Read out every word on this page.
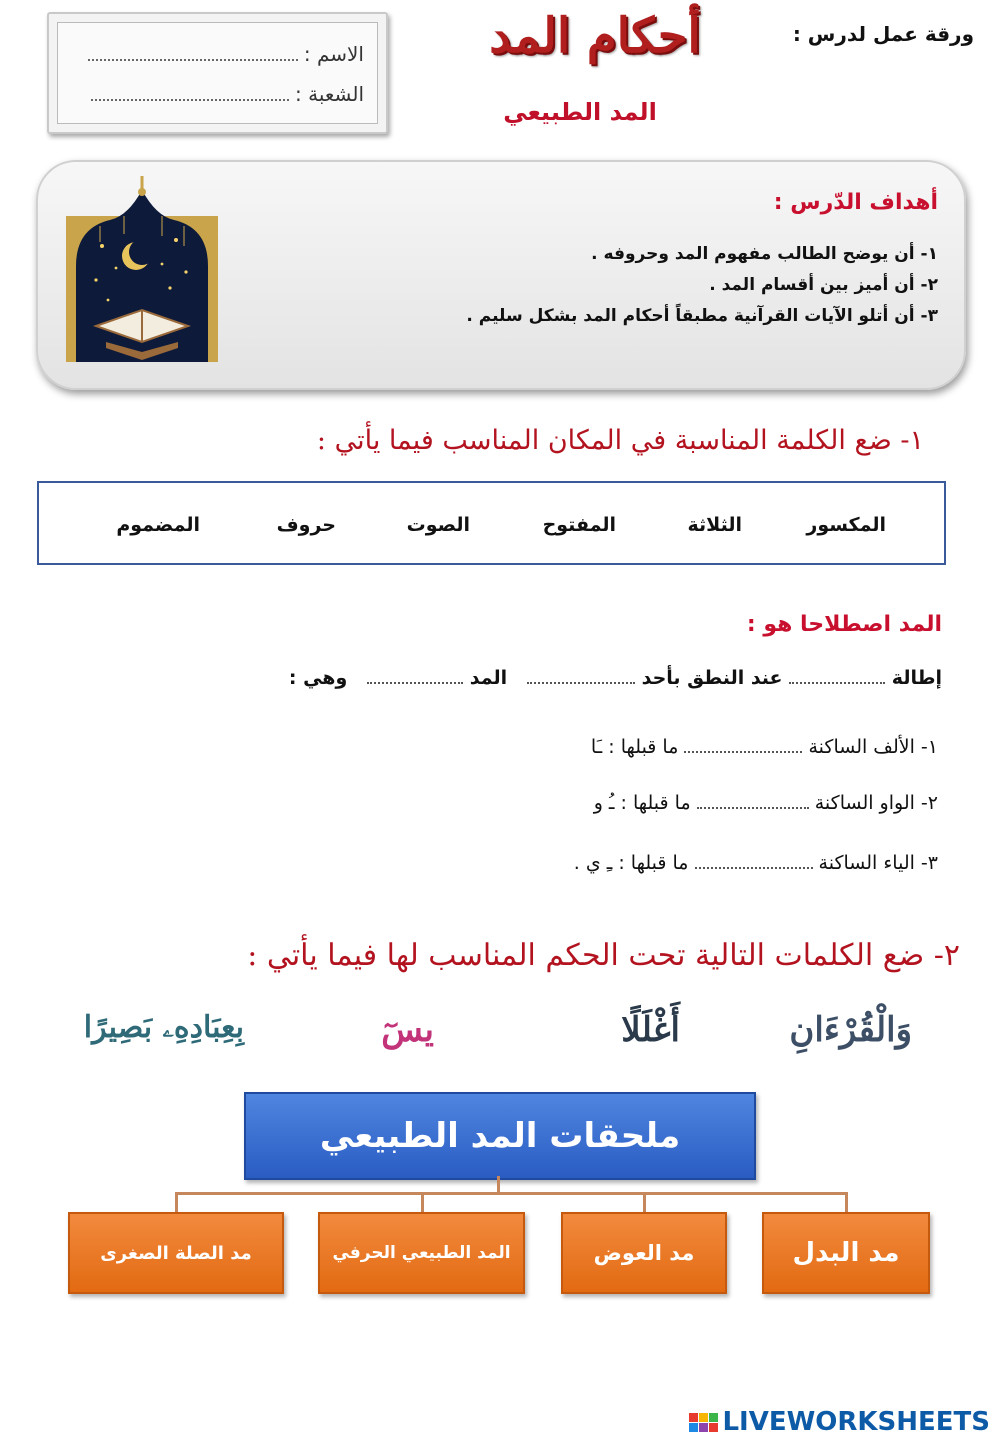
ورقة عمل لدرس :
أحكام المد
المد الطبيعي
الاسم :
الشعبة :
أهداف الدّرس :
١- أن يوضح الطالب مفهوم المد وحروفه .
٢- أن أميز بين أقسام المد .
٣- أن أتلو الآيات القرآنية مطبقاً أحكام المد بشكل سليم .
١- ضع الكلمة المناسبة في المكان المناسب فيما يأتي :
المكسور
الثلاثة
المفتوح
الصوت
حروف
المضموم
المد اصطلاحا هو :
إطالة  عند النطق بأحد    المد    وهي :
١- الألف الساكنة  ما قبلها : ـَا
٢- الواو الساكنة  ما قبلها : ـُ و
٣- الياء الساكنة  ما قبلها : ـِ ي .
٢- ضع الكلمات التالية تحت الحكم المناسب لها فيما يأتي :
وَالْقُرْءَانِ
أَغْلَلًا
يسٓ
بِعِبَادِهِۦ بَصِيرًا
ملحقات المد الطبيعي
مد البدل
مد العوض
المد الطبيعي الحرفي
مد الصلة الصغرى
LIVEWORKSHEETS
